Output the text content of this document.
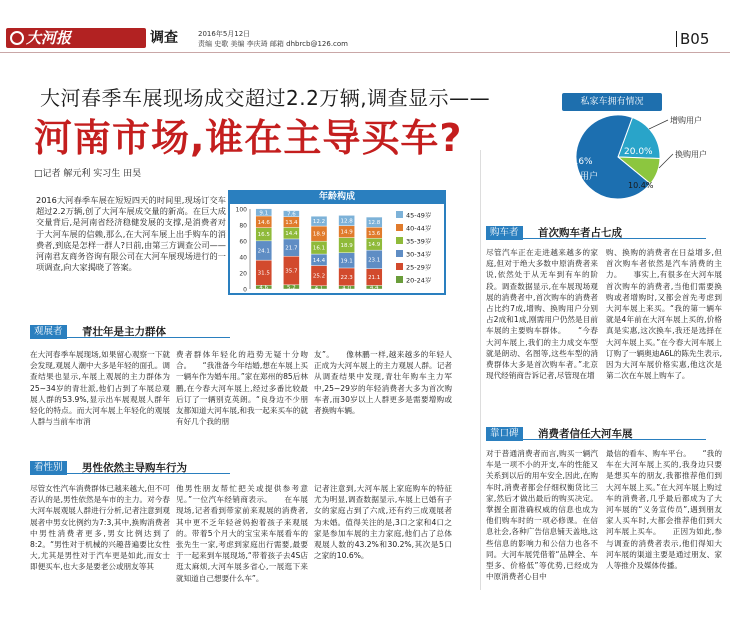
大河报	调查	2016年5月12日
责编 史歌 美编 李庆琦 邮箱 dhbrcb@126.com	B05
大河春季车展现场成交超过2.2万辆,调查显示——
河南市场,谁在主导买车?
□记者 解元利 实习生 田昊
私家车拥有情况
增购用户
换购用户
69.6%
潜在用户
20.0%
10.4%
2016大河春季车展在短短四天的时间里,现场订交车超过2.2万辆,创了大河车展成交量的新高。在巨大成交量背后,是河南省经济稳健发展的支撑,是消费者对于大河车展的信赖,那么,在大河车展上出手购车的消费者,到底是怎样一群人?日前,由第三方调查公司——河南君友商务咨询有限公司在大河车展现场进行的一项调查,向大家揭晓了答案。
年龄构成
100
80
60
40
20
0 4.6
31.5
24.1
16.5
14.6
9.1
5.2
35.7
21.7
14.4
13.4
7.6
4.1
25.2
14.4
16.1
18.9
12.2
4.0
22.3
19.1
18.9
14.9
12.8
4.4
21.1
23.1
14.9
13.6
12.8
45-49岁
40-44岁
35-39岁
30-34岁
25-29岁
20-24岁
观展者	青壮年是主力群体
在大河春季车展现场,如果留心观察一下就会发现,观展人潮中大多是年轻的面孔。调查结果也显示,车展上观展的主力群体为25~34岁的青壮派,他们占到了车展总观展人群的53.9%,显示出车展观展人群年轻化的特点。而大河车展上年轻化的观展人群与当前车市消
费者群体年轻化的趋势无疑十分吻合。　　“我准备今年结婚,想在车展上买一辆车作为婚车用。”家在郑州的85后林鹏,在今春大河车展上,经过多番比较最后订了一辆别克英朗。“良身边不少朋友都知道大河车展,和我一起来买车的就有好几个我的朋
友”。　　像林鹏一样,越来越多的年轻人正成为大河车展上的主力观展人群。记者从调查结果中发现,青壮年购车主力军中,25~29岁的年轻消费者大多为首次购车者,而30岁以上人群更多是需要增购或者换购车辆。
看性别	男性依然主导购车行为
尽管女性汽车消费群体已越来越大,但不可否认的是,男性依然是车市的主力。对今春大河车展观展人群进行分析,记者注意到观展者中男女比例约为7:3,其中,换购消费者中男性消费者更多,男女比例达到了8:2。“男性对于机械的兴趣普遍要比女性大,尤其是男性对于汽车更是如此,而女士即便买车,也大多是要老公或朋友等其
他男性朋友帮忙把关或提供参考意见。”一位汽车经销商表示。　　在车展现场,记者看到带家前来观展的消费者,其中更不乏年轻爸妈抱着孩子来观展的。带着5个月大的宝宝来车展看车的张先生一家,考虑到家庭出行需要,最要于一起来到车展现场,“带着孩子去4S店逛太麻烦,大河车展多省心,一展逛下来就知道自己想要什么车”。
记者注意到,大河车展上家庭购车的特征尤为明显,调查数据显示,车展上已婚有子女的家庭占到了六成,还有约三成观展者为未婚。值得关注的是,3口之家和4口之家是参加车展的主力家庭,他们占了总体观展人数的43.2%和30.2%,其次是5口之家的10.6%。
购车者	首次购车者占七成
尽管汽车正在走进越来越多的家庭,但对于绝大多数中原消费者来说,依然处于从无车到有车的阶段。调查数据显示,在车展现场观展的消费者中,首次购车的消费者占比约7成,增购、换购用户分别占2成和1成,刚需用户仍然是目前车展的主要购车群体。　　“今春大河车展上,我们的主力成交车型就是朗动、名图等,这些车型的消费群体大多是首次购车者。”北京现代经销商告诉记者,尽管现在增
购、换购的消费者在日益增多,但首次购车者依然是汽车消费的主力。　　事实上,有很多在大河车展首次购车的消费者,当他们需要换购或者增购时,又都会首先考虑到大河车展上来买。“我的第一辆车就是4年前在大河车展上买的,价格真是实惠,这次换车,我还是选择在大河车展上买。”在今春大河车展上订购了一辆奥迪A6L的陈先生表示,因为大河车展价格实惠,他这次是第二次在车展上购车了。
靠口碑	消费者信任大河车展
对于普通消费者而言,购买一辆汽车是一项不小的开支,车的性能又关系到以后的用车安全,因此,在购车时,消费者都会仔细权衡货比三家,然后才做出最后的购买决定。掌握全面准确权威的信息也成为他们购车时的一项必修课。在信息社会,各种广告信息铺天盖地,这些信息的影响力和公信力也各不同。大河车展凭借着“品牌全、车型多、价格低”等优势,已经成为中原消费者心目中
最信的看车、购车平台。　　“我的车在大河车展上买的,我身边只要是想买车的朋友,我都推荐他们到大河车展上买。”在大河车展上购过车的消费者,几乎最后都成为了大河车展的“义务宣传员”,遇到朋友家人买车时,大都会推荐他们到大河车展上买车。　　正因为如此,参与调查的消费者表示,他们得知大河车展的渠道主要是通过朋友、家人等推介及媒体传播。
